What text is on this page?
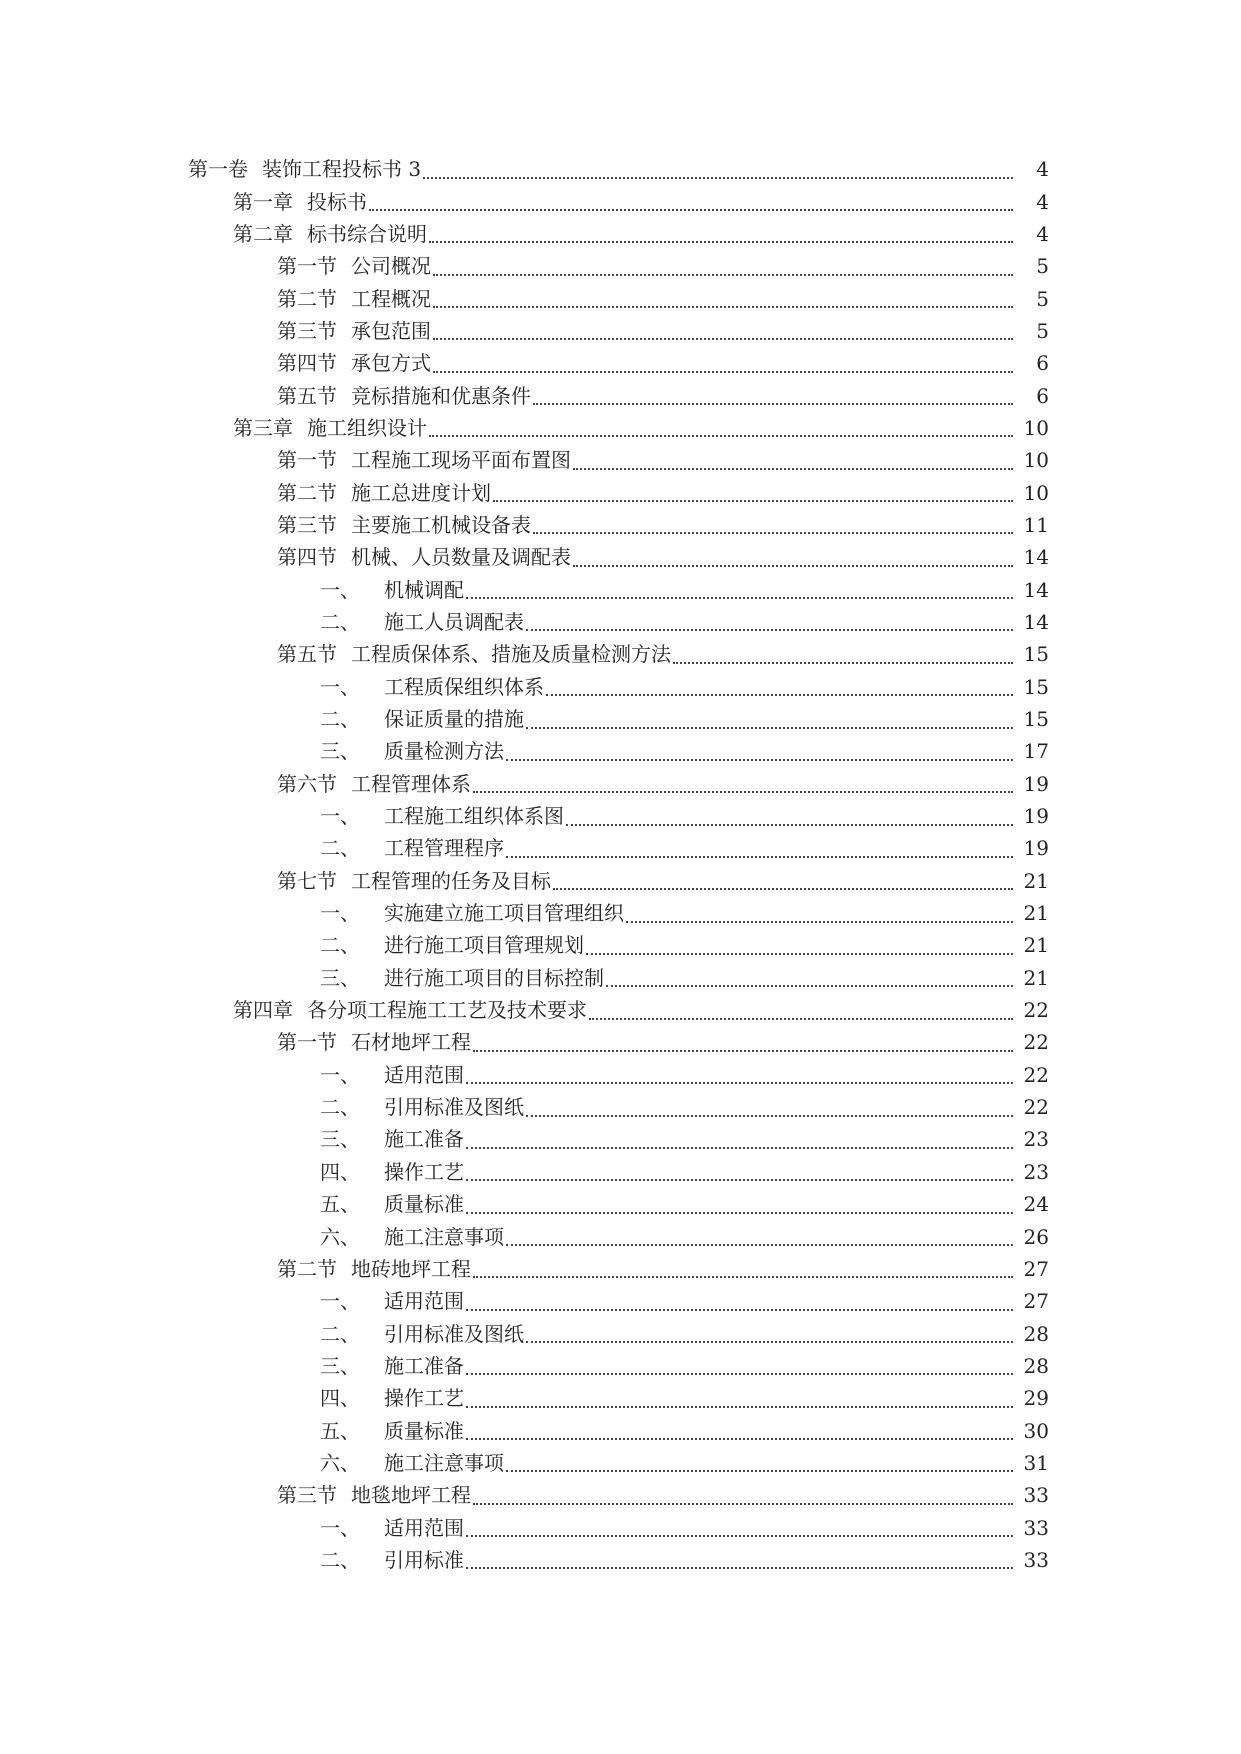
第一卷 装饰工程投标书 3	4
第一章 投标书	4
第二章 标书综合说明	4
第一节 公司概况	5
第二节 工程概况	5
第三节 承包范围	5
第四节 承包方式	6
第五节 竞标措施和优惠条件	6
第三章 施工组织设计	10
第一节 工程施工现场平面布置图	10
第二节 施工总进度计划	10
第三节 主要施工机械设备表	11
第四节 机械、人员数量及调配表	14
一、 机械调配	14
二、 施工人员调配表	14
第五节 工程质保体系、措施及质量检测方法	15
一、 工程质保组织体系	15
二、 保证质量的措施	15
三、 质量检测方法	17
第六节 工程管理体系	19
一、 工程施工组织体系图	19
二、 工程管理程序	19
第七节 工程管理的任务及目标	21
一、 实施建立施工项目管理组织	21
二、 进行施工项目管理规划	21
三、 进行施工项目的目标控制	21
第四章 各分项工程施工工艺及技术要求	22
第一节 石材地坪工程	22
一、 适用范围	22
二、 引用标准及图纸	22
三、 施工准备	23
四、 操作工艺	23
五、 质量标准	24
六、 施工注意事项	26
第二节 地砖地坪工程	27
一、 适用范围	27
二、 引用标准及图纸	28
三、 施工准备	28
四、 操作工艺	29
五、 质量标准	30
六、 施工注意事项	31
第三节 地毯地坪工程	33
一、 适用范围	33
二、 引用标准	33
